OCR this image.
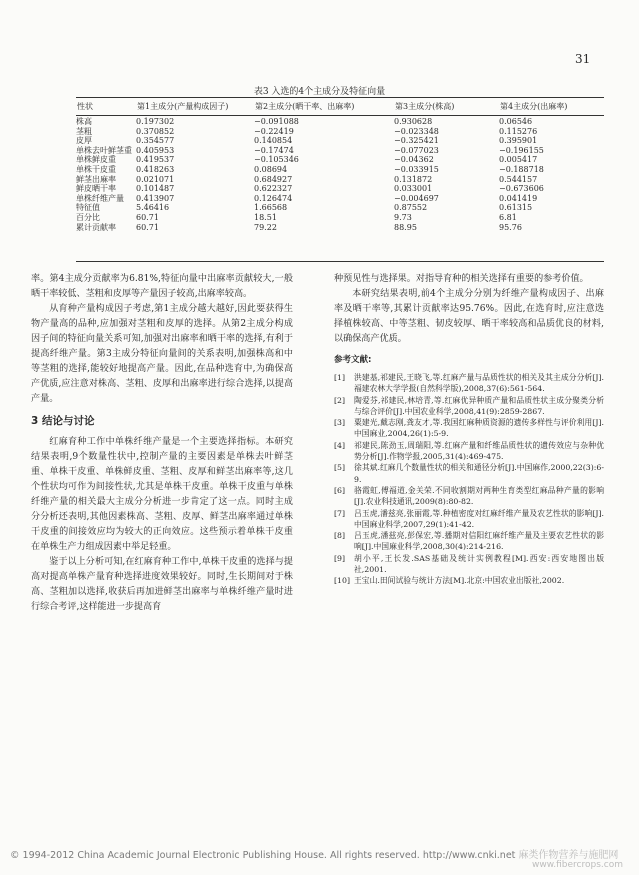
31
表3 入选的4个主成分及特征向量
性状	第1主成分(产量构成因子)	第2主成分(晒干率、出麻率)	第3主成分(株高)	第4主成分(出麻率)
株高	0.197302	−0.091088	0.930628	0.06546
茎粗	0.370852	−0.22419	−0.023348	0.115276
皮厚	0.354577	0.140854	−0.325421	0.395901
单株去叶鲜茎重	0.405953	−0.17474	−0.077023	−0.196155
单株鲜皮重	0.419537	−0.105346	−0.04362	0.005417
单株干皮重	0.418263	0.08694	−0.033915	−0.188718
鲜茎出麻率	0.021071	0.684927	0.131872	0.544157
鲜皮晒干率	0.101487	0.622327	0.033001	−0.673606
单株纤维产量	0.413907	0.126474	−0.004697	0.041419
特征值	5.46416	1.66568	0.87552	0.61315
百分比	60.71	18.51	9.73	6.81
累计贡献率	60.71	79.22	88.95	95.76

率。第4主成分贡献率为6.81%,特征向量中出麻率贡献较大,一般晒干率较低、茎粗和皮厚等产量因子较高,出麻率较高。

从育种产量构成因子考虑,第1主成分越大越好,因此要获得生物产量高的品种,应加强对茎粗和皮厚的选择。从第2主成分构成因子间的特征向量关系可知,加强对出麻率和晒干率的选择,有利于提高纤维产量。第3主成分特征向量间的关系表明,加强株高和中等茎粗的选择,能较好地提高产量。因此,在品种选育中,为确保高产优质,应注意对株高、茎粗、皮厚和出麻率进行综合选择,以提高产量。

3 结论与讨论

红麻育种工作中单株纤维产量是一个主要选择指标。本研究结果表明,9个数量性状中,控制产量的主要因素是单株去叶鲜茎重、单株干皮重、单株鲜皮重、茎粗、皮厚和鲜茎出麻率等,这几个性状均可作为间接性状,尤其是单株干皮重。单株干皮重与单株纤维产量的相关最大主成分分析进一步肯定了这一点。同时主成分分析还表明,其他因素株高、茎粗、皮厚、鲜茎出麻率通过单株干皮重的间接效应均为较大的正向效应。这些预示着单株干皮重在单株生产力组成因素中举足轻重。

鉴于以上分析可知,在红麻育种工作中,单株干皮重的选择与提高对提高单株产量育种选择进度效果较好。同时,生长期间对于株高、茎粗加以选择,收获后再加进鲜茎出麻率与单株纤维产量时进行综合考评,这样能进一步提高育

种预见性与选择果。对指导育种的相关选择有重要的参考价值。

本研究结果表明,前4个主成分分别为纤维产量构成因子、出麻率及晒干率等,其累计贡献率达95.76%。因此,在选育时,应注意选择植株较高、中等茎粗、韧皮较厚、晒干率较高和品质优良的材料,以确保高产优质。

参考文献:

[1]	洪建基,祁建民,王晓飞,等.红麻产量与品质性状的相关及其主成分分析[J].福建农林大学学报(自然科学版),2008,37(6):561-564.
[2]	陶爱芬,祁建民,林培青,等.红麻优异种质产量和品质性状主成分聚类分析与综合评价[J].中国农业科学,2008,41(9):2859-2867.
[3]	粟建光,戴志刚,龚友才,等.我国红麻种质资源的遗传多样性与评价利用[J].中国麻业,2004,26(1):5-9.
[4]	祁建民,陈劲玉,周瑞阳,等.红麻产量和纤维品质性状的遗传效应与杂种优势分析[J].作物学报,2005,31(4):469-475.
[5]	徐其斌.红麻几个数量性状的相关和通径分析[J].中国麻作,2000,22(3):6-9.
[6]	骆霞虹,傅福道,金关荣.不同收割期对两种生育类型红麻品种产量的影响[J].农业科技通讯,2009(8):80-82.
[7]	吕玉虎,潘兹亮,张丽霞,等.种植密度对红麻纤维产量及农艺性状的影响[J].中国麻业科学,2007,29(1):41-42.
[8]	吕玉虎,潘兹亮,彭保宏,等.播期对信阳红麻纤维产量及主要农艺性状的影响[J].中国麻业科学,2008,30(4):214-216.
[9]	胡小平,王长发.SAS基础及统计实例教程[M].西安:西安地图出版社,2001.
[10] 王宝山.田间试验与统计方法[M].北京:中国农业出版社,2002.
© 1994-2012 China Academic Journal Electronic Publishing House. All rights reserved. http://www.cnki.net 麻类作物营养与施肥网
www.fibercrops.com
